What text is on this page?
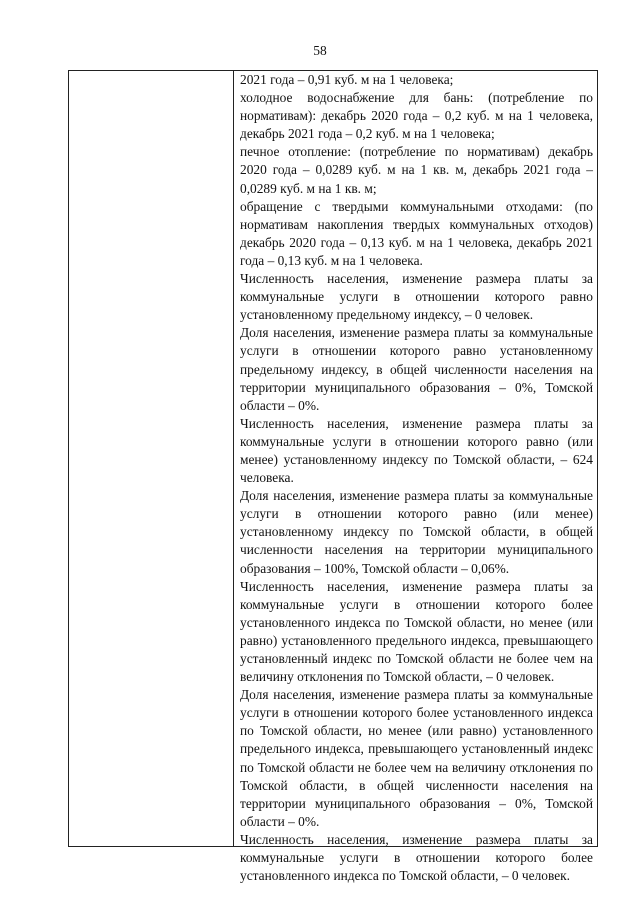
58

2021 года – 0,91 куб. м на 1 человека;

холодное водоснабжение для бань: (потребление по нормативам): декабрь 2020 года – 0,2 куб. м на 1 человека, декабрь 2021 года – 0,2 куб. м на 1 человека;

печное отопление: (потребление по нормативам) декабрь 2020 года – 0,0289 куб. м на 1 кв. м, декабрь 2021 года – 0,0289 куб. м на 1 кв. м;

обращение с твердыми коммунальными отходами: (по нормативам накопления твердых коммунальных отходов) декабрь 2020 года – 0,13 куб. м на 1 человека, декабрь 2021 года – 0,13 куб. м на 1 человека.

Численность населения, изменение размера платы за коммунальные услуги в отношении которого равно установленному предельному индексу, – 0 человек.

Доля населения, изменение размера платы за коммунальные услуги в отношении которого равно установленному предельному индексу, в общей численности населения на территории муниципального образования – 0%, Томской области – 0%.

Численность населения, изменение размера платы за коммунальные услуги в отношении которого равно (или менее) установленному индексу по Томской области, – 624 человека.

Доля населения, изменение размера платы за коммунальные услуги в отношении которого равно (или менее) установленному индексу по Томской области, в общей численности населения на территории муниципального образования – 100%, Томской области – 0,06%.

Численность населения, изменение размера платы за коммунальные услуги в отношении которого более установленного индекса по Томской области, но менее (или равно) установленного предельного индекса, превышающего установленный индекс по Томской области не более чем на величину отклонения по Томской области, – 0 человек.

Доля населения, изменение размера платы за коммунальные услуги в отношении которого более установленного индекса по Томской области, но менее (или равно) установленного предельного индекса, превышающего установленный индекс по Томской области не более чем на величину отклонения по Томской области, в общей численности населения на территории муниципального образования – 0%, Томской области – 0%.

Численность населения, изменение размера платы за коммунальные услуги в отношении которого более установленного индекса по Томской области, – 0 человек.
